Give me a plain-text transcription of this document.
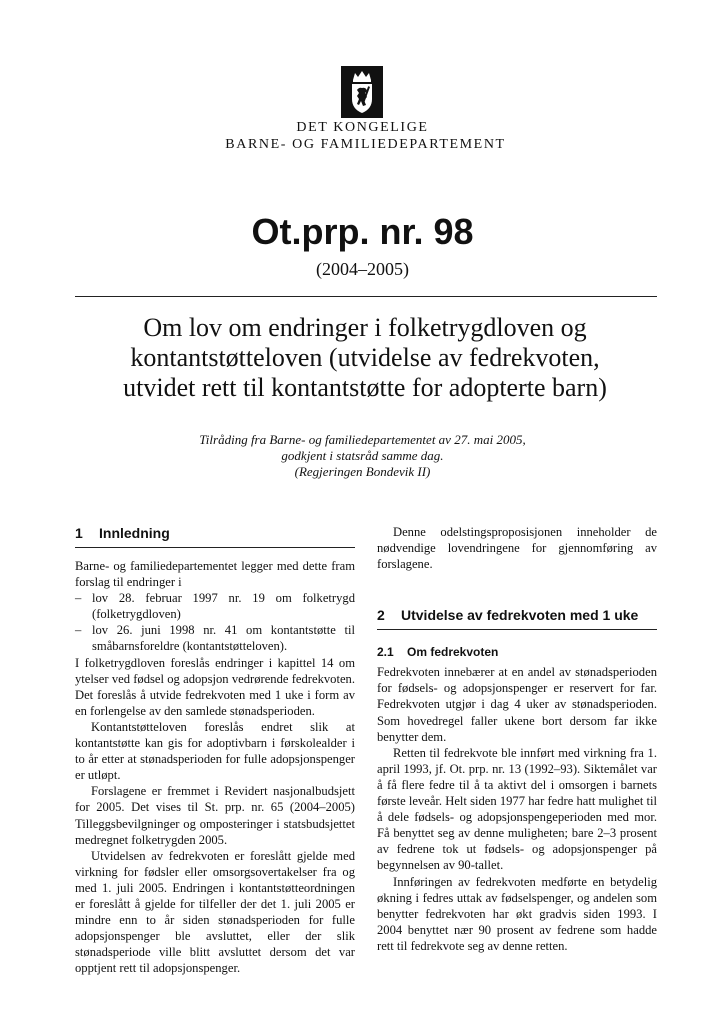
DET KONGELIGE
BARNE- OG FAMILIEDEPARTEMENT
Ot.prp. nr. 98
(2004–2005)
Om lov om endringer i folketrygdloven og
kontantstøtteloven (utvidelse av fedrekvoten,
utvidet rett til kontantstøtte for adopterte barn)
Tilråding fra Barne- og familiedepartementet av 27. mai 2005,
godkjent i statsråd samme dag.
(Regjeringen Bondevik II)
1	Innledning

Barne- og familiedepartementet legger med dette fram forslag til endringer i

– lov 28. februar 1997 nr. 19 om folketrygd (folketrygdloven)
– lov 26. juni 1998 nr. 41 om kontantstøtte til småbarnsforeldre (kontantstøtteloven).

I folketrygdloven foreslås endringer i kapittel 14 om ytelser ved fødsel og adopsjon vedrørende fedrekvoten. Det foreslås å utvide fedrekvoten med 1 uke i form av en forlengelse av den samlede stønadsperioden.

Kontantstøtteloven foreslås endret slik at kontantstøtte kan gis for adoptivbarn i førskolealder i to år etter at stønadsperioden for fulle adopsjonspenger er utløpt.

Forslagene er fremmet i Revidert nasjonalbudsjett for 2005. Det vises til St. prp. nr. 65 (2004–2005) Tilleggsbevilgninger og omposteringer i statsbudsjettet medregnet folketrygden 2005.

Utvidelsen av fedrekvoten er foreslått gjelde med virkning for fødsler eller omsorgsovertakelser fra og med 1. juli 2005. Endringen i kontantstøtteordningen er foreslått å gjelde for tilfeller der det 1. juli 2005 er mindre enn to år siden stønadsperioden for fulle adopsjonspenger ble avsluttet, eller der slik stønadsperiode ville blitt avsluttet dersom det var opptjent rett til adopsjonspenger.

Denne odelstingsproposisjonen inneholder de nødvendige lovendringene for gjennomføring av forslagene.

2	Utvidelse av fedrekvoten med 1 uke
2.1	Om fedrekvoten

Fedrekvoten innebærer at en andel av stønadsperioden for fødsels- og adopsjonspenger er reservert for far. Fedrekvoten utgjør i dag 4 uker av stønadsperioden. Som hovedregel faller ukene bort dersom far ikke benytter dem.

Retten til fedrekvote ble innført med virkning fra 1. april 1993, jf. Ot. prp. nr. 13 (1992–93). Siktemålet var å få flere fedre til å ta aktivt del i omsorgen i barnets første leveår. Helt siden 1977 har fedre hatt mulighet til å dele fødsels- og adopsjonspengeperioden med mor. Få benyttet seg av denne muligheten; bare 2–3 prosent av fedrene tok ut fødsels- og adopsjonspenger på begynnelsen av 90-tallet.

Innføringen av fedrekvoten medførte en betydelig økning i fedres uttak av fødselspenger, og andelen som benytter fedrekvoten har økt gradvis siden 1993. I 2004 benyttet nær 90 prosent av fedrene som hadde rett til fedrekvote seg av denne retten.
